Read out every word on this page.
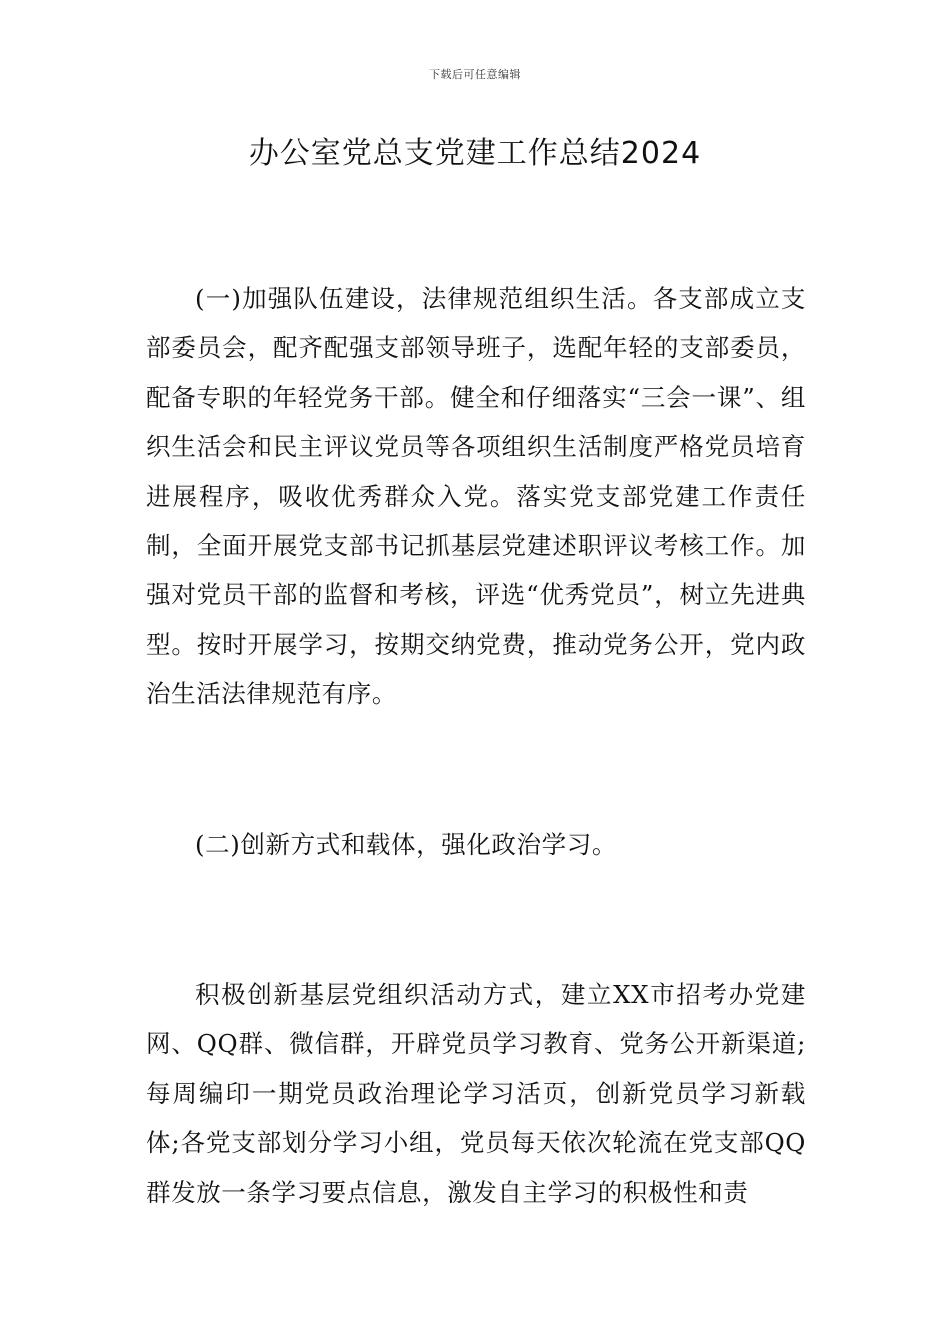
下载后可任意编辑
办公室党总支党建工作总结2024

(一)加强队伍建设，法律规范组织生活。各支部成立支部委员会，配齐配强支部领导班子，选配年轻的支部委员，配备专职的年轻党务干部。健全和仔细落实“三会一课”、组织生活会和民主评议党员等各项组织生活制度严格党员培育进展程序，吸收优秀群众入党。落实党支部党建工作责任制，全面开展党支部书记抓基层党建述职评议考核工作。加强对党员干部的监督和考核，评选“优秀党员”，树立先进典型。按时开展学习，按期交纳党费，推动党务公开，党内政治生活法律规范有序。

(二)创新方式和载体，强化政治学习。

积极创新基层党组织活动方式，建立XX市招考办党建网、QQ群、微信群，开辟党员学习教育、党务公开新渠道;每周编印一期党员政治理论学习活页，创新党员学习新载体;各党支部划分学习小组，党员每天依次轮流在党支部QQ群发放一条学习要点信息，激发自主学习的积极性和责
